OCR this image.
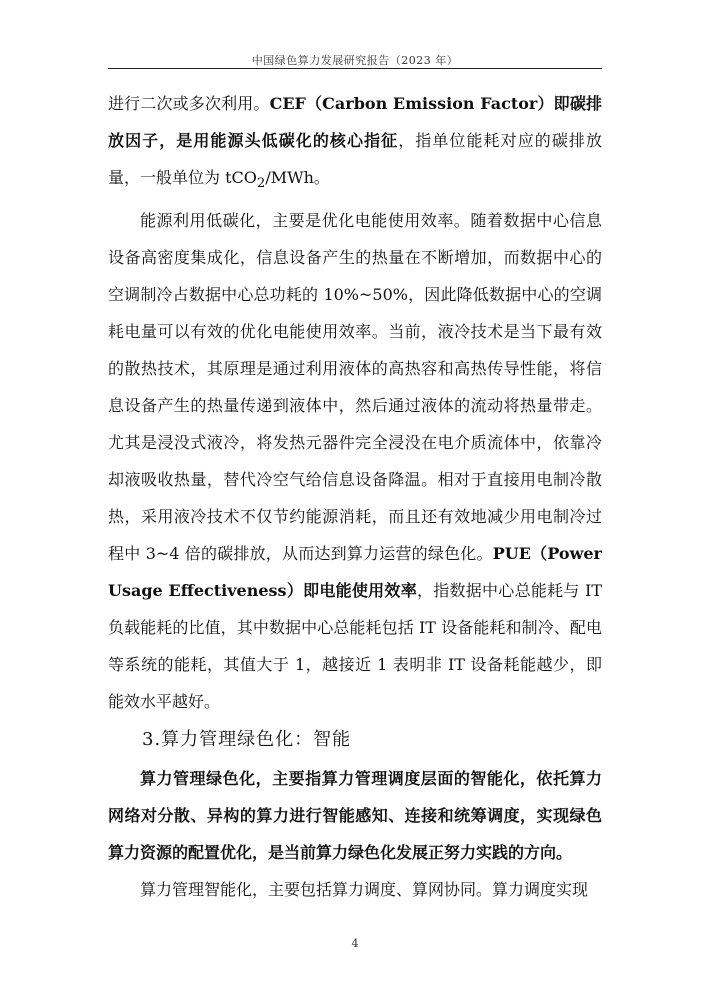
中国绿色算力发展研究报告（2023 年）

进行二次或多次利用。CEF（Carbon Emission Factor）即碳排放因子，是用能源头低碳化的核心指征，指单位能耗对应的碳排放量，一般单位为 tCO$_2$/MWh。

能源利用低碳化，主要是优化电能使用效率。随着数据中心信息设备高密度集成化，信息设备产生的热量在不断增加，而数据中心的空调制冷占数据中心总功耗的 10%~50%，因此降低数据中心的空调耗电量可以有效的优化电能使用效率。当前，液冷技术是当下最有效的散热技术，其原理是通过利用液体的高热容和高热传导性能，将信息设备产生的热量传递到液体中，然后通过液体的流动将热量带走。尤其是浸没式液冷，将发热元器件完全浸没在电介质流体中，依靠冷却液吸收热量，替代冷空气给信息设备降温。相对于直接用电制冷散热，采用液冷技术不仅节约能源消耗，而且还有效地减少用电制冷过程中 3~4 倍的碳排放，从而达到算力运营的绿色化。PUE（Power Usage Effectiveness）即电能使用效率，指数据中心总能耗与 IT 负载能耗的比值，其中数据中心总能耗包括 IT 设备能耗和制冷、配电等系统的能耗，其值大于 1，越接近 1 表明非 IT 设备耗能越少，即能效水平越好。

3.算力管理绿色化：智能

算力管理绿色化，主要指算力管理调度层面的智能化，依托算力网络对分散、异构的算力进行智能感知、连接和统筹调度，实现绿色算力资源的配置优化，是当前算力绿色化发展正努力实践的方向。

算力管理智能化，主要包括算力调度、算网协同。算力调度实现

4
